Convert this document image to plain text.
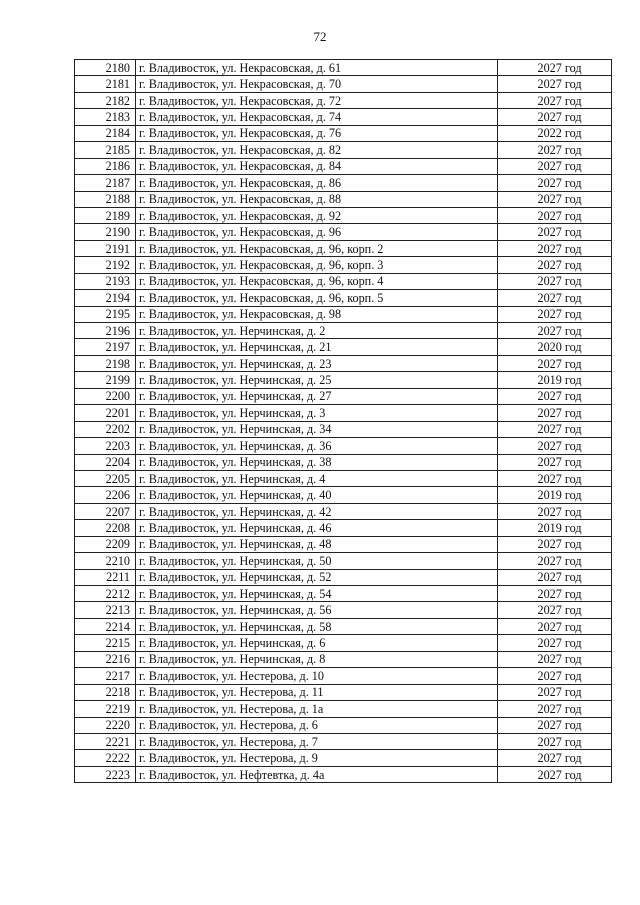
72
2180	г. Владивосток, ул. Некрасовская, д. 61	2027 год
2181	г. Владивосток, ул. Некрасовская, д. 70	2027 год
2182	г. Владивосток, ул. Некрасовская, д. 72	2027 год
2183	г. Владивосток, ул. Некрасовская, д. 74	2027 год
2184	г. Владивосток, ул. Некрасовская, д. 76	2022 год
2185	г. Владивосток, ул. Некрасовская, д. 82	2027 год
2186	г. Владивосток, ул. Некрасовская, д. 84	2027 год
2187	г. Владивосток, ул. Некрасовская, д. 86	2027 год
2188	г. Владивосток, ул. Некрасовская, д. 88	2027 год
2189	г. Владивосток, ул. Некрасовская, д. 92	2027 год
2190	г. Владивосток, ул. Некрасовская, д. 96	2027 год
2191	г. Владивосток, ул. Некрасовская, д. 96, корп. 2	2027 год
2192	г. Владивосток, ул. Некрасовская, д. 96, корп. 3	2027 год
2193	г. Владивосток, ул. Некрасовская, д. 96, корп. 4	2027 год
2194	г. Владивосток, ул. Некрасовская, д. 96, корп. 5	2027 год
2195	г. Владивосток, ул. Некрасовская, д. 98	2027 год
2196	г. Владивосток, ул. Нерчинская, д. 2	2027 год
2197	г. Владивосток, ул. Нерчинская, д. 21	2020 год
2198	г. Владивосток, ул. Нерчинская, д. 23	2027 год
2199	г. Владивосток, ул. Нерчинская, д. 25	2019 год
2200	г. Владивосток, ул. Нерчинская, д. 27	2027 год
2201	г. Владивосток, ул. Нерчинская, д. 3	2027 год
2202	г. Владивосток, ул. Нерчинская, д. 34	2027 год
2203	г. Владивосток, ул. Нерчинская, д. 36	2027 год
2204	г. Владивосток, ул. Нерчинская, д. 38	2027 год
2205	г. Владивосток, ул. Нерчинская, д. 4	2027 год
2206	г. Владивосток, ул. Нерчинская, д. 40	2019 год
2207	г. Владивосток, ул. Нерчинская, д. 42	2027 год
2208	г. Владивосток, ул. Нерчинская, д. 46	2019 год
2209	г. Владивосток, ул. Нерчинская, д. 48	2027 год
2210	г. Владивосток, ул. Нерчинская, д. 50	2027 год
2211	г. Владивосток, ул. Нерчинская, д. 52	2027 год
2212	г. Владивосток, ул. Нерчинская, д. 54	2027 год
2213	г. Владивосток, ул. Нерчинская, д. 56	2027 год
2214	г. Владивосток, ул. Нерчинская, д. 58	2027 год
2215	г. Владивосток, ул. Нерчинская, д. 6	2027 год
2216	г. Владивосток, ул. Нерчинская, д. 8	2027 год
2217	г. Владивосток, ул. Нестерова, д. 10	2027 год
2218	г. Владивосток, ул. Нестерова, д. 11	2027 год
2219	г. Владивосток, ул. Нестерова, д. 1а	2027 год
2220	г. Владивосток, ул. Нестерова, д. 6	2027 год
2221	г. Владивосток, ул. Нестерова, д. 7	2027 год
2222	г. Владивосток, ул. Нестерова, д. 9	2027 год
2223	г. Владивосток, ул. Нефтевтка, д. 4а	2027 год
